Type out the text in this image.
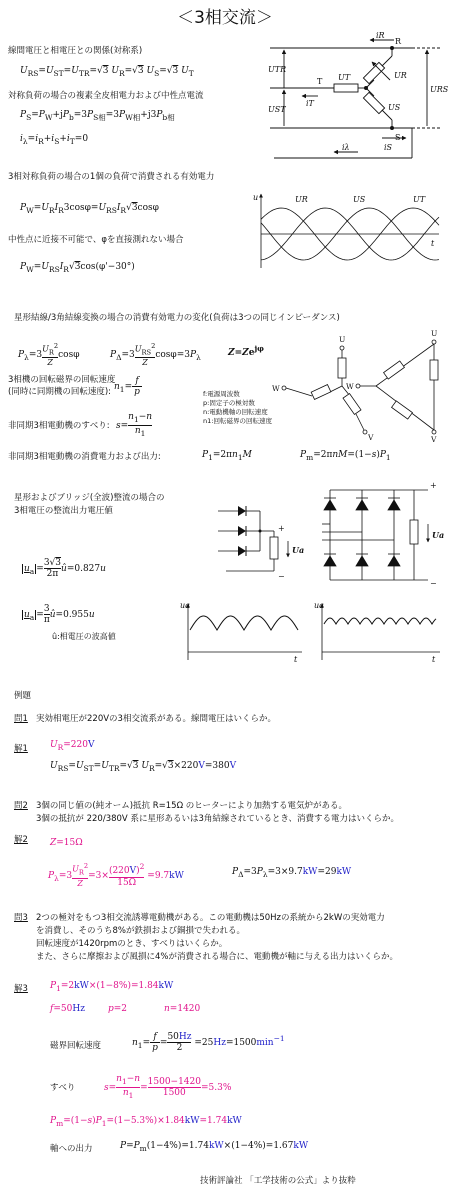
＜3相交流＞
線間電圧と相電圧との関係(対称系)
$U_{RS}=U_{ST}=U_{TR}=√3$ $U_R=√3$ $U_S=√3$ $U_T$
対称負荷の場合の複素全皮相電力および中性点電流
$P_S=P_W+jP_b=3P_{S相}=3P_{W相}+j3P_{b相}$
$i_\lambda=i_R+i_S+i_T=0$
iR
R
UTR
UT
T
UR
iT	US
UST
S
URS
iS
iλ
3相対称負荷の場合の1個の負荷で消費される有効電力
$P_W=U_RI_R3\cos\varphi=U_{RS}I_R√3\cos\varphi$
中性点に近接不可能で、φを直接測れない場合
$P_W=U_{RS}I_R√3\cos(\varphi'-30^\circ)$
u
t
UR	US	UT
星形結線/3角結線変換の場合の消費有効電力の変化(負荷は3つの同じインピーダンス)
$P_\lambda=3U_R^2$

Z
cosφ	$P_\Delta=3U_{RS}^2$

Z
$\cos\varphi=3P_\lambda$	$Z=Ze^{j\varphi}$
3相機の回転磁界の回転速度
(同時に同期機の回転速度): $n_1=\frac{f}{p}$
非同期3相電動機のすべり: $s=n_1-n$

$n_1$
非同期3相電動機の消費電力および出力:	$P_1=2\pi n_1M$	$P_m=2\pi nM=(1-s)P_1$
f:電源周波数
p:固定子の極対数
n:電動機軸の回転速度
n1:回転磁界の回転速度
U
W
V
U
W
V
星形およびブリッジ(全波)整流の場合の
3相電圧の整流出力電圧値
$u_a =3√3$

2π û=0.827u
$u_a =3$

π û=0.955u
û:相電圧の波高値
+
−
Ua
+
−
Ua
ua
t
ua
t
例題
問1 実効相電圧が220Vの3相交流系がある。線間電圧はいくらか。
解1 $U_R=220V$
$U_{RS}=U_{ST}=U_{TR}=√3$ $U_R=√3\times 220V=380V$
問2 3個の同じ値の(純オーム)抵抗 R=15Ω のヒーターにより加熱する電気炉がある。
3個の抵抗が 220/380V 系に星形あるいは3角結線されているとき、消費する電力はいくらか。
解2 Z=15Ω
$P_\lambda=3U_R^2$

Z
$=3\times(220V)^2$

15Ω
=9.7kW	$P_\Delta=3P_\lambda=3\times 9.7kW=29kW$
問3 2つの極対をもつ3相交流誘導電動機がある。この電動機は50Hzの系統から2kWの実効電力
を消費し、そのうち8%が鉄損および銅損で失われる。
回転速度が1420rpmのとき、すべりはいくらか。
また、さらに摩擦および風損に4%が消費される場合に、電動機が軸に与える出力はいくらか。
解3 $P_1=2kW\times(1-8\%)=1.84kW$
f=50Hz	p=2	n=1420
磁界回転速度	$n_1=\frac{f}{p} =50Hz$

2	$=25Hz=1500\min^{-1}$
すべり	$s=n_1-n$

$n_1$
=1500−1420

1500	=5.3%
$P_m=(1-s)P_1=(1-5.3\%)\times 1.84kW=1.74kW$
軸への出力	$P=P_m(1-4\%)=1.74kW\times(1-4\%)=1.67kW$
技術評論社 「工学技術の公式」より抜粋
